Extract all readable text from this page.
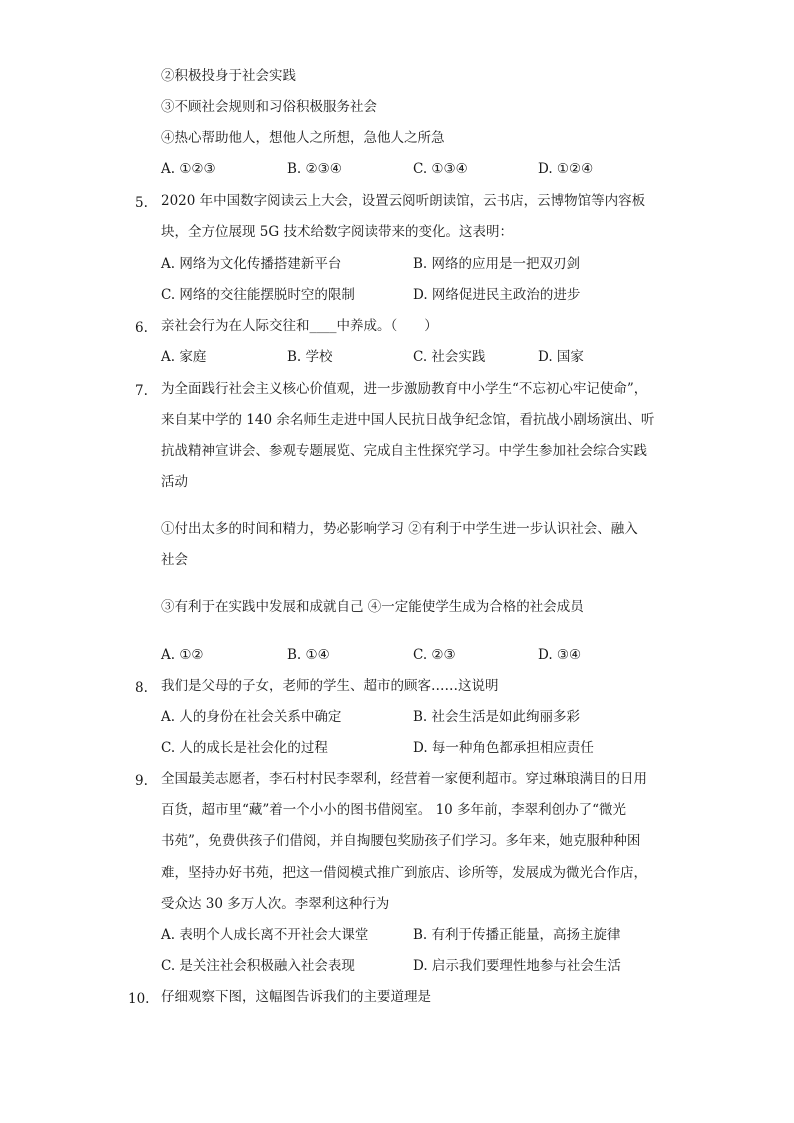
②积极投身于社会实践
③不顾社会规则和习俗积极服务社会
④热心帮助他人，想他人之所想，急他人之所急
A. ①②③	B. ②③④	C. ①③④	D. ①②④
5. 2020 年中国数字阅读云上大会，设置云阅听朗读馆，云书店，云博物馆等内容板
块，全方位展现 5G 技术给数字阅读带来的变化。这表明：
A. 网络为文化传播搭建新平台	B. 网络的应用是一把双刃剑
C. 网络的交往能摆脱时空的限制	D. 网络促进民主政治的进步
6. 亲社会行为在人际交往和____中养成。（　　）
A. 家庭	B. 学校	C. 社会实践	D. 国家
7. 为全面践行社会主义核心价值观，进一步激励教育中小学生“不忘初心牢记使命”，
来自某中学的 140 余名师生走进中国人民抗日战争纪念馆，看抗战小剧场演出、听
抗战精神宣讲会、参观专题展览、完成自主性探究学习。中学生参加社会综合实践
活动
①付出太多的时间和精力，势必影响学习 ②有利于中学生进一步认识社会、融入
社会
③有利于在实践中发展和成就自己 ④一定能使学生成为合格的社会成员
A. ①②	B. ①④	C. ②③	D. ③④
8. 我们是父母的子女，老师的学生、超市的顾客……这说明
A. 人的身份在社会关系中确定	B. 社会生活是如此绚丽多彩
C. 人的成长是社会化的过程	D. 每一种角色都承担相应责任
9. 全国最美志愿者，李石村村民李翠利，经营着一家便利超市。穿过琳琅满目的日用
百货，超市里“藏”着一个小小的图书借阅室。 10 多年前，李翠利创办了“微光
书苑”，免费供孩子们借阅，并自掏腰包奖励孩子们学习。多年来，她克服种种困
难，坚持办好书苑，把这一借阅模式推广到旅店、诊所等，发展成为微光合作店，
受众达 30 多万人次。李翠利这种行为
A. 表明个人成长离不开社会大课堂	B. 有利于传播正能量，高扬主旋律
C. 是关注社会积极融入社会表现	D. 启示我们要理性地参与社会生活
10. 仔细观察下图，这幅图告诉我们的主要道理是
